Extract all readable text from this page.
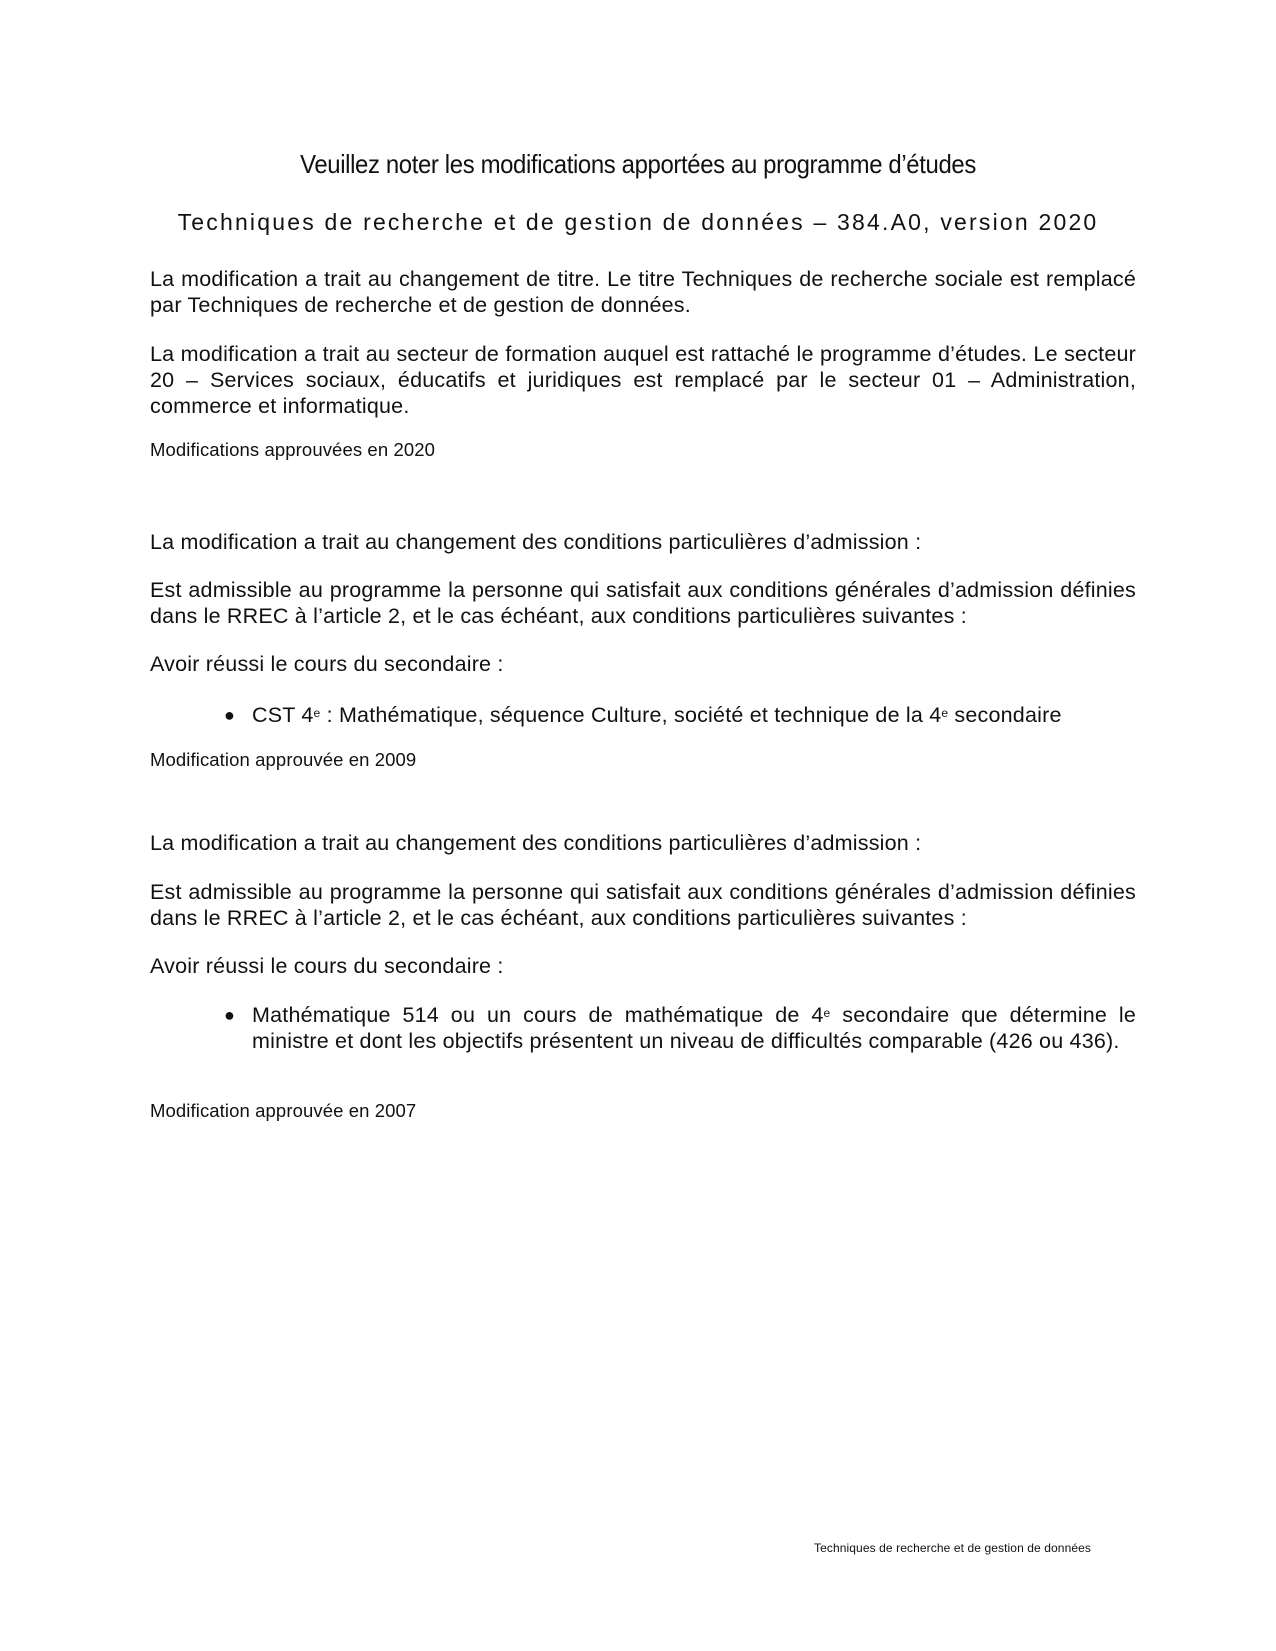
Veuillez noter les modifications apportées au programme d’études
Techniques de recherche et de gestion de données – 384.A0, version 2020

La modification a trait au changement de titre. Le titre Techniques de recherche sociale est remplacé par Techniques de recherche et de gestion de données.

La modification a trait au secteur de formation auquel est rattaché le programme d’études. Le secteur 20 – Services sociaux, éducatifs et juridiques est remplacé par le secteur 01 – Administration, commerce et informatique.

Modifications approuvées en 2020

La modification a trait au changement des conditions particulières d’admission :

Est admissible au programme la personne qui satisfait aux conditions générales d’admission définies dans le RREC à l’article 2, et le cas échéant, aux conditions particulières suivantes :

Avoir réussi le cours du secondaire :

● CST 4e : Mathématique, séquence Culture, société et technique de la 4e secondaire

Modification approuvée en 2009

La modification a trait au changement des conditions particulières d’admission :

Est admissible au programme la personne qui satisfait aux conditions générales d’admission définies dans le RREC à l’article 2, et le cas échéant, aux conditions particulières suivantes :

Avoir réussi le cours du secondaire :

● Mathématique 514 ou un cours de mathématique de 4e secondaire que détermine le ministre et dont les objectifs présentent un niveau de difficultés comparable (426 ou 436).

Modification approuvée en 2007

Techniques de recherche et de gestion de données
